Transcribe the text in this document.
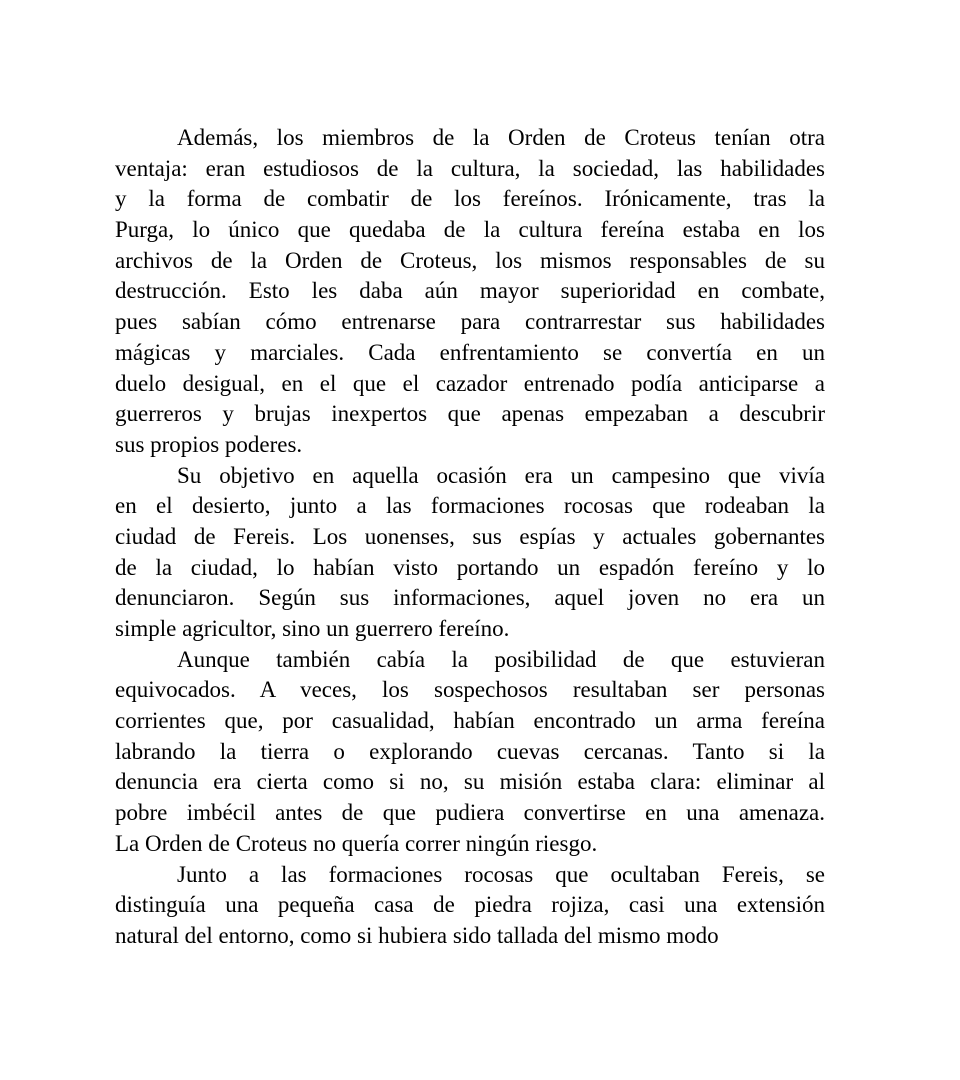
Además, los miembros de la Orden de Croteus tenían otra
ventaja: eran estudiosos de la cultura, la sociedad, las habilidades
y la forma de combatir de los fereínos. Irónicamente, tras la
Purga, lo único que quedaba de la cultura fereína estaba en los
archivos de la Orden de Croteus, los mismos responsables de su
destrucción. Esto les daba aún mayor superioridad en combate,
pues sabían cómo entrenarse para contrarrestar sus habilidades
mágicas y marciales. Cada enfrentamiento se convertía en un
duelo desigual, en el que el cazador entrenado podía anticiparse a
guerreros y brujas inexpertos que apenas empezaban a descubrir
sus propios poderes.
Su objetivo en aquella ocasión era un campesino que vivía
en el desierto, junto a las formaciones rocosas que rodeaban la
ciudad de Fereis. Los uonenses, sus espías y actuales gobernantes
de la ciudad, lo habían visto portando un espadón fereíno y lo
denunciaron. Según sus informaciones, aquel joven no era un
simple agricultor, sino un guerrero fereíno.
Aunque también cabía la posibilidad de que estuvieran
equivocados. A veces, los sospechosos resultaban ser personas
corrientes que, por casualidad, habían encontrado un arma fereína
labrando la tierra o explorando cuevas cercanas. Tanto si la
denuncia era cierta como si no, su misión estaba clara: eliminar al
pobre imbécil antes de que pudiera convertirse en una amenaza.
La Orden de Croteus no quería correr ningún riesgo.
Junto a las formaciones rocosas que ocultaban Fereis, se
distinguía una pequeña casa de piedra rojiza, casi una extensión
natural del entorno, como si hubiera sido tallada del mismo modo
